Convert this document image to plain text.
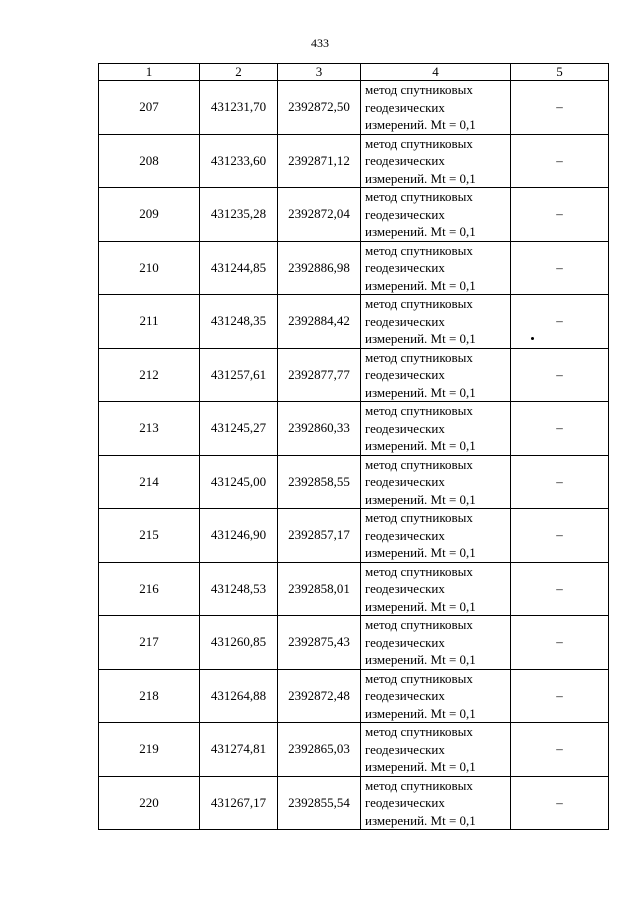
433
1	2	3	4	5
207	431231,70	2392872,50	метод спутниковых
геодезических
измерений. Mt = 0,1	–
208	431233,60	2392871,12	метод спутниковых
геодезических
измерений. Mt = 0,1	–
209	431235,28	2392872,04	метод спутниковых
геодезических
измерений. Mt = 0,1	–
210	431244,85	2392886,98	метод спутниковых
геодезических
измерений. Mt = 0,1	–
211	431248,35	2392884,42	метод спутниковых
геодезических
измерений. Mt = 0,1	–
212	431257,61	2392877,77	метод спутниковых
геодезических
измерений. Mt = 0,1	–
213	431245,27	2392860,33	метод спутниковых
геодезических
измерений. Mt = 0,1	–
214	431245,00	2392858,55	метод спутниковых
геодезических
измерений. Mt = 0,1	–
215	431246,90	2392857,17	метод спутниковых
геодезических
измерений. Mt = 0,1	–
216	431248,53	2392858,01	метод спутниковых
геодезических
измерений. Mt = 0,1	–
217	431260,85	2392875,43	метод спутниковых
геодезических
измерений. Mt = 0,1	–
218	431264,88	2392872,48	метод спутниковых
геодезических
измерений. Mt = 0,1	–
219	431274,81	2392865,03	метод спутниковых
геодезических
измерений. Mt = 0,1	–
220	431267,17	2392855,54	метод спутниковых
геодезических
измерений. Mt = 0,1	–
